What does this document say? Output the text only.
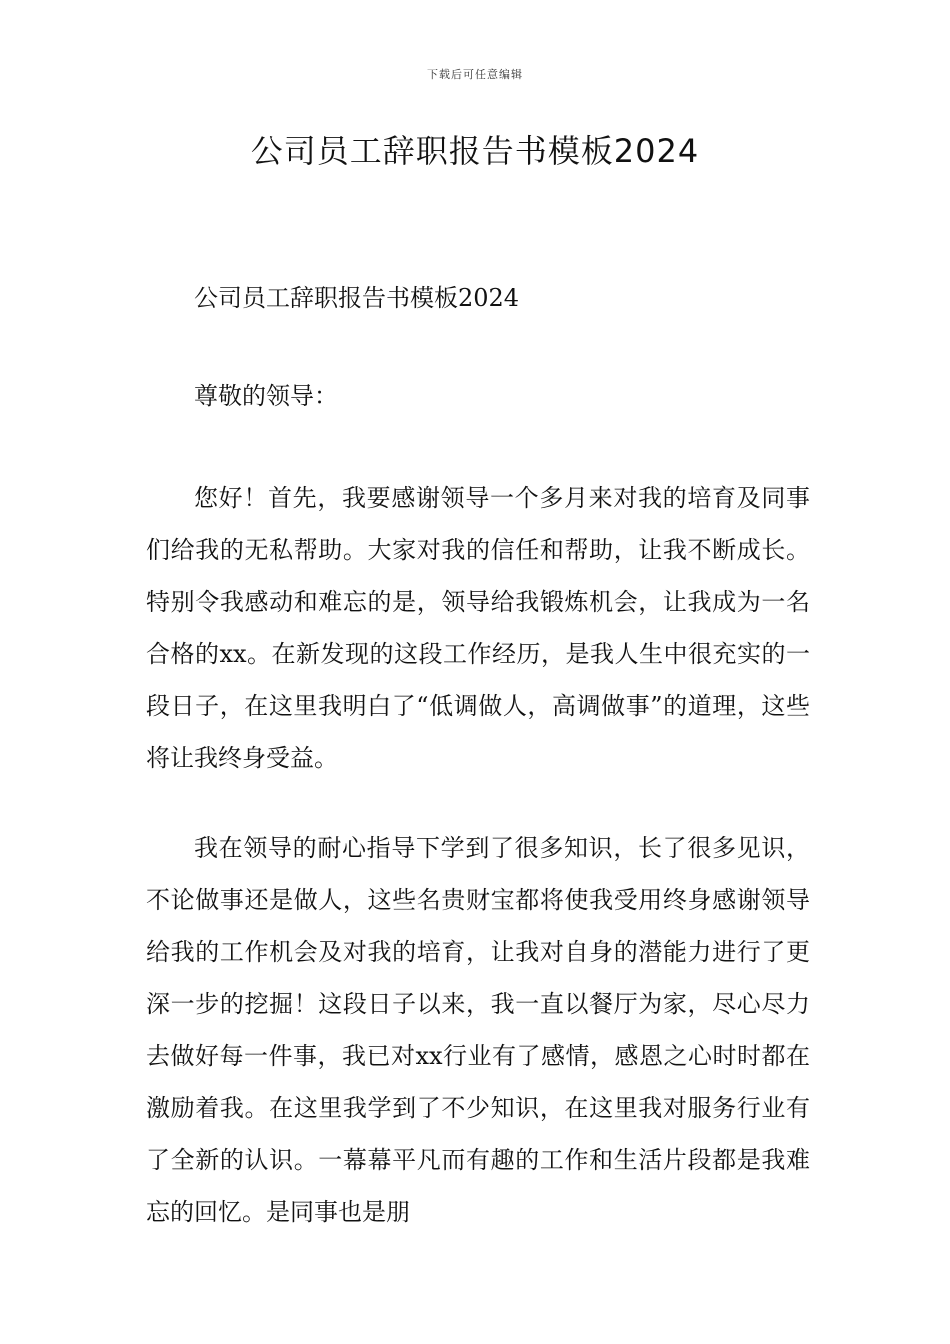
下载后可任意编辑
公司员工辞职报告书模板2024

公司员工辞职报告书模板2024

尊敬的领导：

您好！首先，我要感谢领导一个多月来对我的培育及同事们给我的无私帮助。大家对我的信任和帮助，让我不断成长。特别令我感动和难忘的是，领导给我锻炼机会，让我成为一名合格的xx。在新发现的这段工作经历，是我人生中很充实的一段日子，在这里我明白了“低调做人，高调做事”的道理，这些将让我终身受益。

我在领导的耐心指导下学到了很多知识，长了很多见识，不论做事还是做人，这些名贵财宝都将使我受用终身感谢领导给我的工作机会及对我的培育，让我对自身的潜能力进行了更深一步的挖掘！这段日子以来，我一直以餐厅为家，尽心尽力去做好每一件事，我已对xx行业有了感情，感恩之心时时都在激励着我。在这里我学到了不少知识，在这里我对服务行业有了全新的认识。一幕幕平凡而有趣的工作和生活片段都是我难忘的回忆。是同事也是朋
